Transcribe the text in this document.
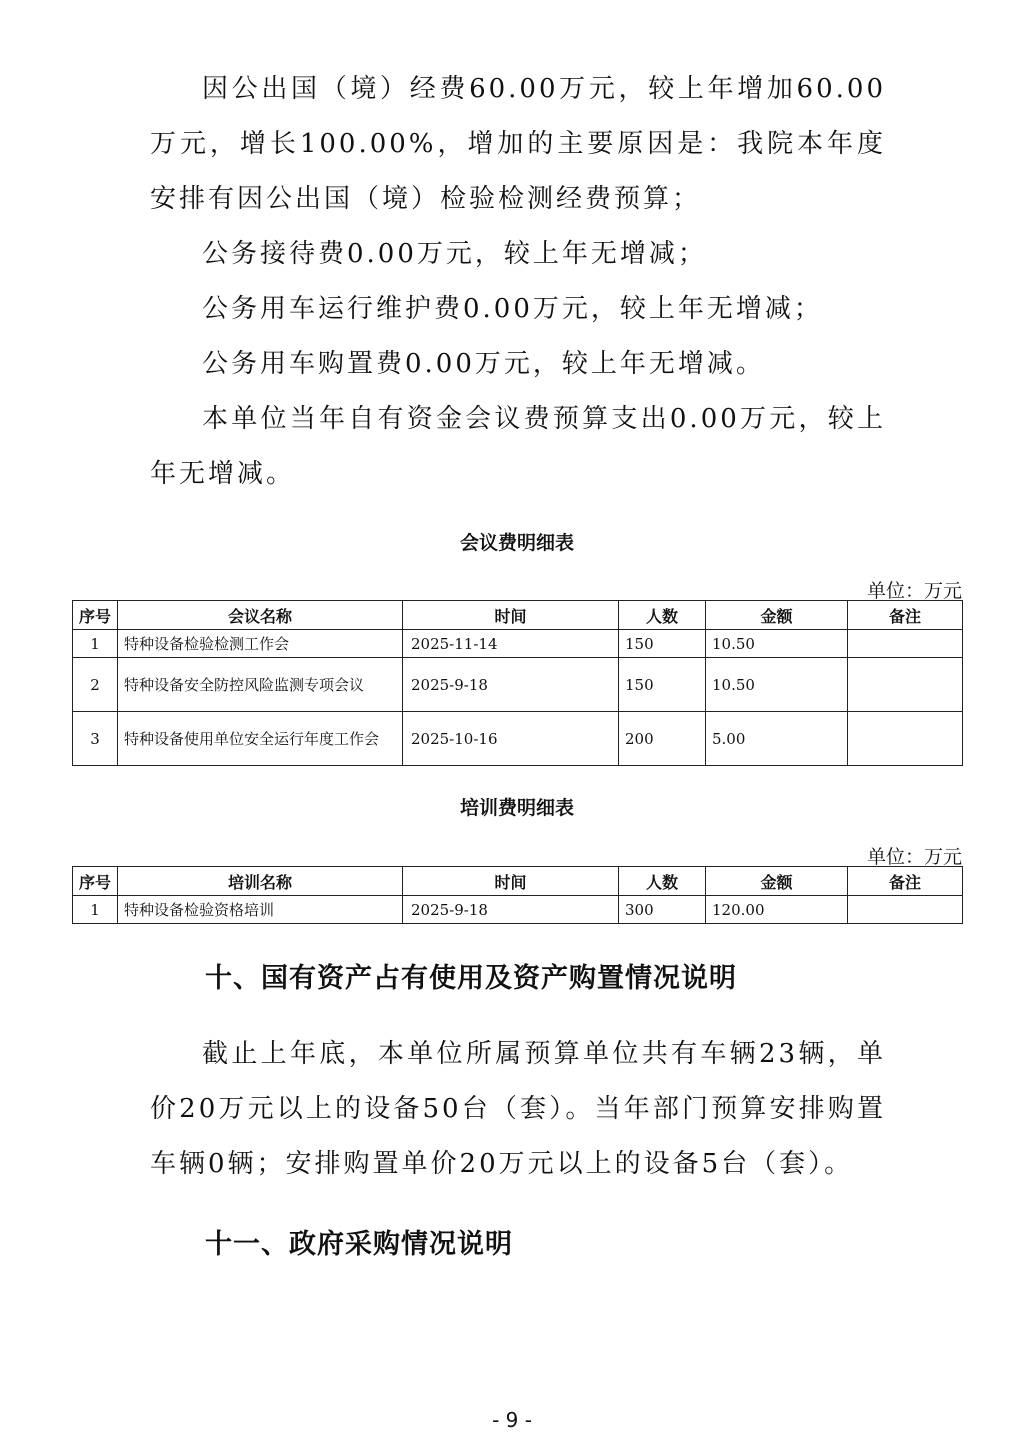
因公出国（境）经费60.00万元，较上年增加60.00万元，增长100.00%，增加的主要原因是：我院本年度安排有因公出国（境）检验检测经费预算；

公务接待费0.00万元，较上年无增减；

公务用车运行维护费0.00万元，较上年无增减；

公务用车购置费0.00万元，较上年无增减。

本单位当年自有资金会议费预算支出0.00万元，较上年无增减。

会议费明细表

单位：万元
序号	会议名称	时间	人数	金额	备注
1	特种设备检验检测工作会	2025-11-14	150	10.50	
2	特种设备安全防控风险监测专项会议	2025-9-18	150	10.50	
3	特种设备使用单位安全运行年度工作会	2025-10-16	200	5.00	

培训费明细表

单位：万元
序号	培训名称	时间	人数	金额	备注
1	特种设备检验资格培训	2025-9-18	300	120.00	
十、国有资产占有使用及资产购置情况说明

截止上年底，本单位所属预算单位共有车辆23辆，单价20万元以上的设备50台（套）。当年部门预算安排购置车辆0辆；安排购置单价20万元以上的设备5台（套）。

十一、政府采购情况说明
- 9 -
